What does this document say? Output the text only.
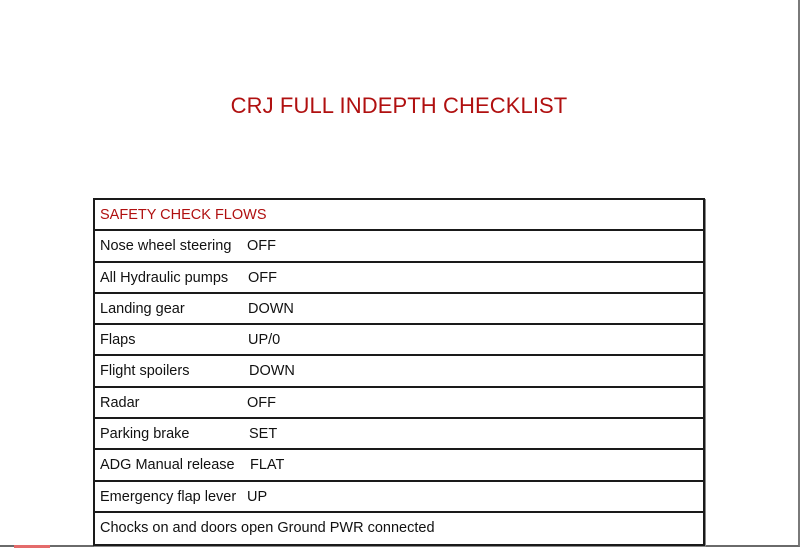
CRJ FULL INDEPTH CHECKLIST
SAFETY CHECK FLOWS
Nose wheel steering OFF
All Hydraulic pumps OFF
Landing gear	DOWN
Flaps	UP/0
Flight spoilers	DOWN
Radar	OFF
Parking brake	SET
ADG Manual release FLAT
Emergency flap lever UP
Chocks on and doors open Ground PWR connected
